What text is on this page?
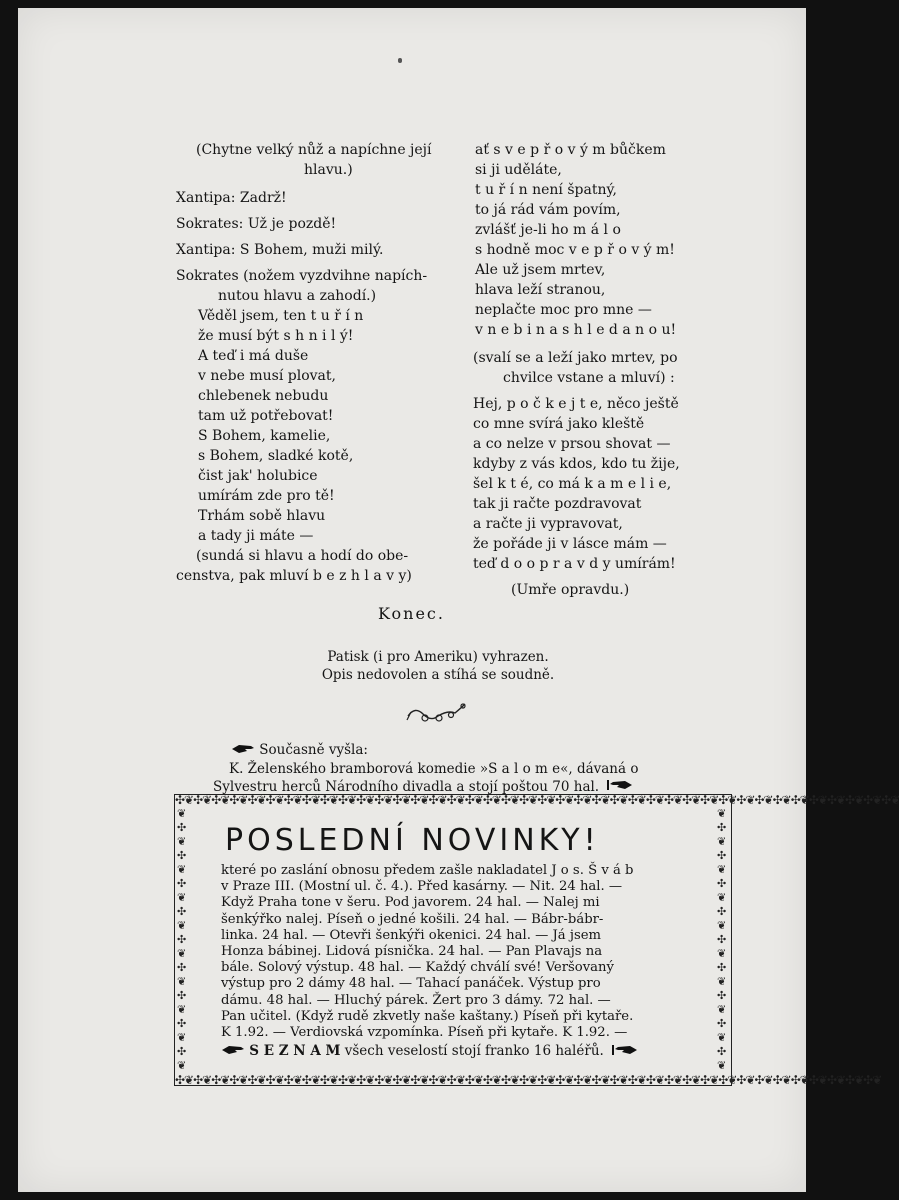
(Chytne velký nůž a napíchne její
hlavu.)
Xantipa: Zadrž!
Sokrates: Už je pozdě!
Xantipa: S Bohem, muži milý.
Sokrates (nožem vyzdvihne napích-
nutou hlavu a zahodí.)
Věděl jsem, ten t u ř í n
že musí být s h n i l ý!
A teď i má duše
v nebe musí plovat,
chlebenek nebudu
tam už potřebovat!
S Bohem, kamelie,
s Bohem, sladké kotě,
čist jak' holubice
umírám zde pro tě!
Trhám sobě hlavu
a tady ji máte —
(sundá si hlavu a hodí do obe-
censtva, pak mluví b e z h l a v y)
ať s v e p ř o v ý m bůčkem
si ji uděláte,
t u ř í n není špatný,
to já rád vám povím,
zvlášť je-li ho m á l o
s hodně moc v e p ř o v ý m!
Ale už jsem mrtev,
hlava leží stranou,
neplačte moc pro mne —
v n e b i n a s h l e d a n o u!
(svalí se a leží jako mrtev, po
chvilce vstane a mluví) :
Hej, p o č k e j t e, něco ještě
co mne svírá jako kleště
a co nelze v prsou shovat —
kdyby z vás kdos, kdo tu žije,
šel k t é, co má k a m e l i e,
tak ji račte pozdravovat
a račte ji vypravovat,
že pořáde ji v lásce mám —
teď d o o p r a v d y umírám!
(Umře opravdu.)
Konec.
Patisk (i pro Ameriku) vyhrazen.
Opis nedovolen a stíhá se soudně.
Současně vyšla:
K. Želenského bramborová komedie »S a l o m e«, dávaná o
Sylvestru herců Národního divadla a stojí poštou 70 hal.
✣❦✣❦✣❦✣❦✣❦✣❦✣❦✣❦✣❦✣❦✣❦✣❦✣❦✣❦✣❦✣❦✣❦✣❦✣❦✣❦✣❦✣❦✣❦✣❦✣❦✣❦✣❦✣❦✣❦✣❦✣❦✣❦✣❦✣❦✣❦✣❦✣❦✣❦✣❦✣❦
✣❦✣❦✣❦✣❦✣❦✣❦✣❦✣❦✣❦✣❦✣❦✣❦✣❦✣❦✣❦✣❦✣❦✣❦✣❦✣❦✣❦✣❦✣❦✣❦✣❦✣❦✣❦✣❦✣❦✣❦✣❦✣❦✣❦✣❦✣❦✣❦✣❦✣❦✣❦
❦
✣
❦
✣
❦
✣
❦
✣
❦
✣
❦
✣
❦
✣
❦
✣
❦
✣
❦
❦
✣
❦
✣
❦
✣
❦
✣
❦
✣
❦
✣
❦
✣
❦
✣
❦
✣
❦
POSLEDNÍ NOVINKY!
které po zaslání obnosu předem zašle nakladatel J o s. Š v á b
v Praze III. (Mostní ul. č. 4.). Před kasárny. — Nit. 24 hal. —
Když Praha tone v šeru. Pod javorem. 24 hal. — Nalej mi
šenkýřko nalej. Píseň o jedné košili. 24 hal. — Bábr-bábr-
linka. 24 hal. — Otevři šenkýři okenici. 24 hal. — Já jsem
Honza bábinej. Lidová písnička. 24 hal. — Pan Plavajs na
bále. Solový výstup. 48 hal. — Každý chválí své! Veršovaný
výstup pro 2 dámy 48 hal. — Tahací panáček. Výstup pro
dámu. 48 hal. — Hluchý párek. Žert pro 3 dámy. 72 hal. —
Pan učitel. (Když rudě zkvetly naše kaštany.) Píseň při kytaře.
K 1.92. — Verdiovská vzpomínka. Píseň při kytaře. K 1.92. —
S E Z N A M všech veselostí stojí franko 16 haléřů.
